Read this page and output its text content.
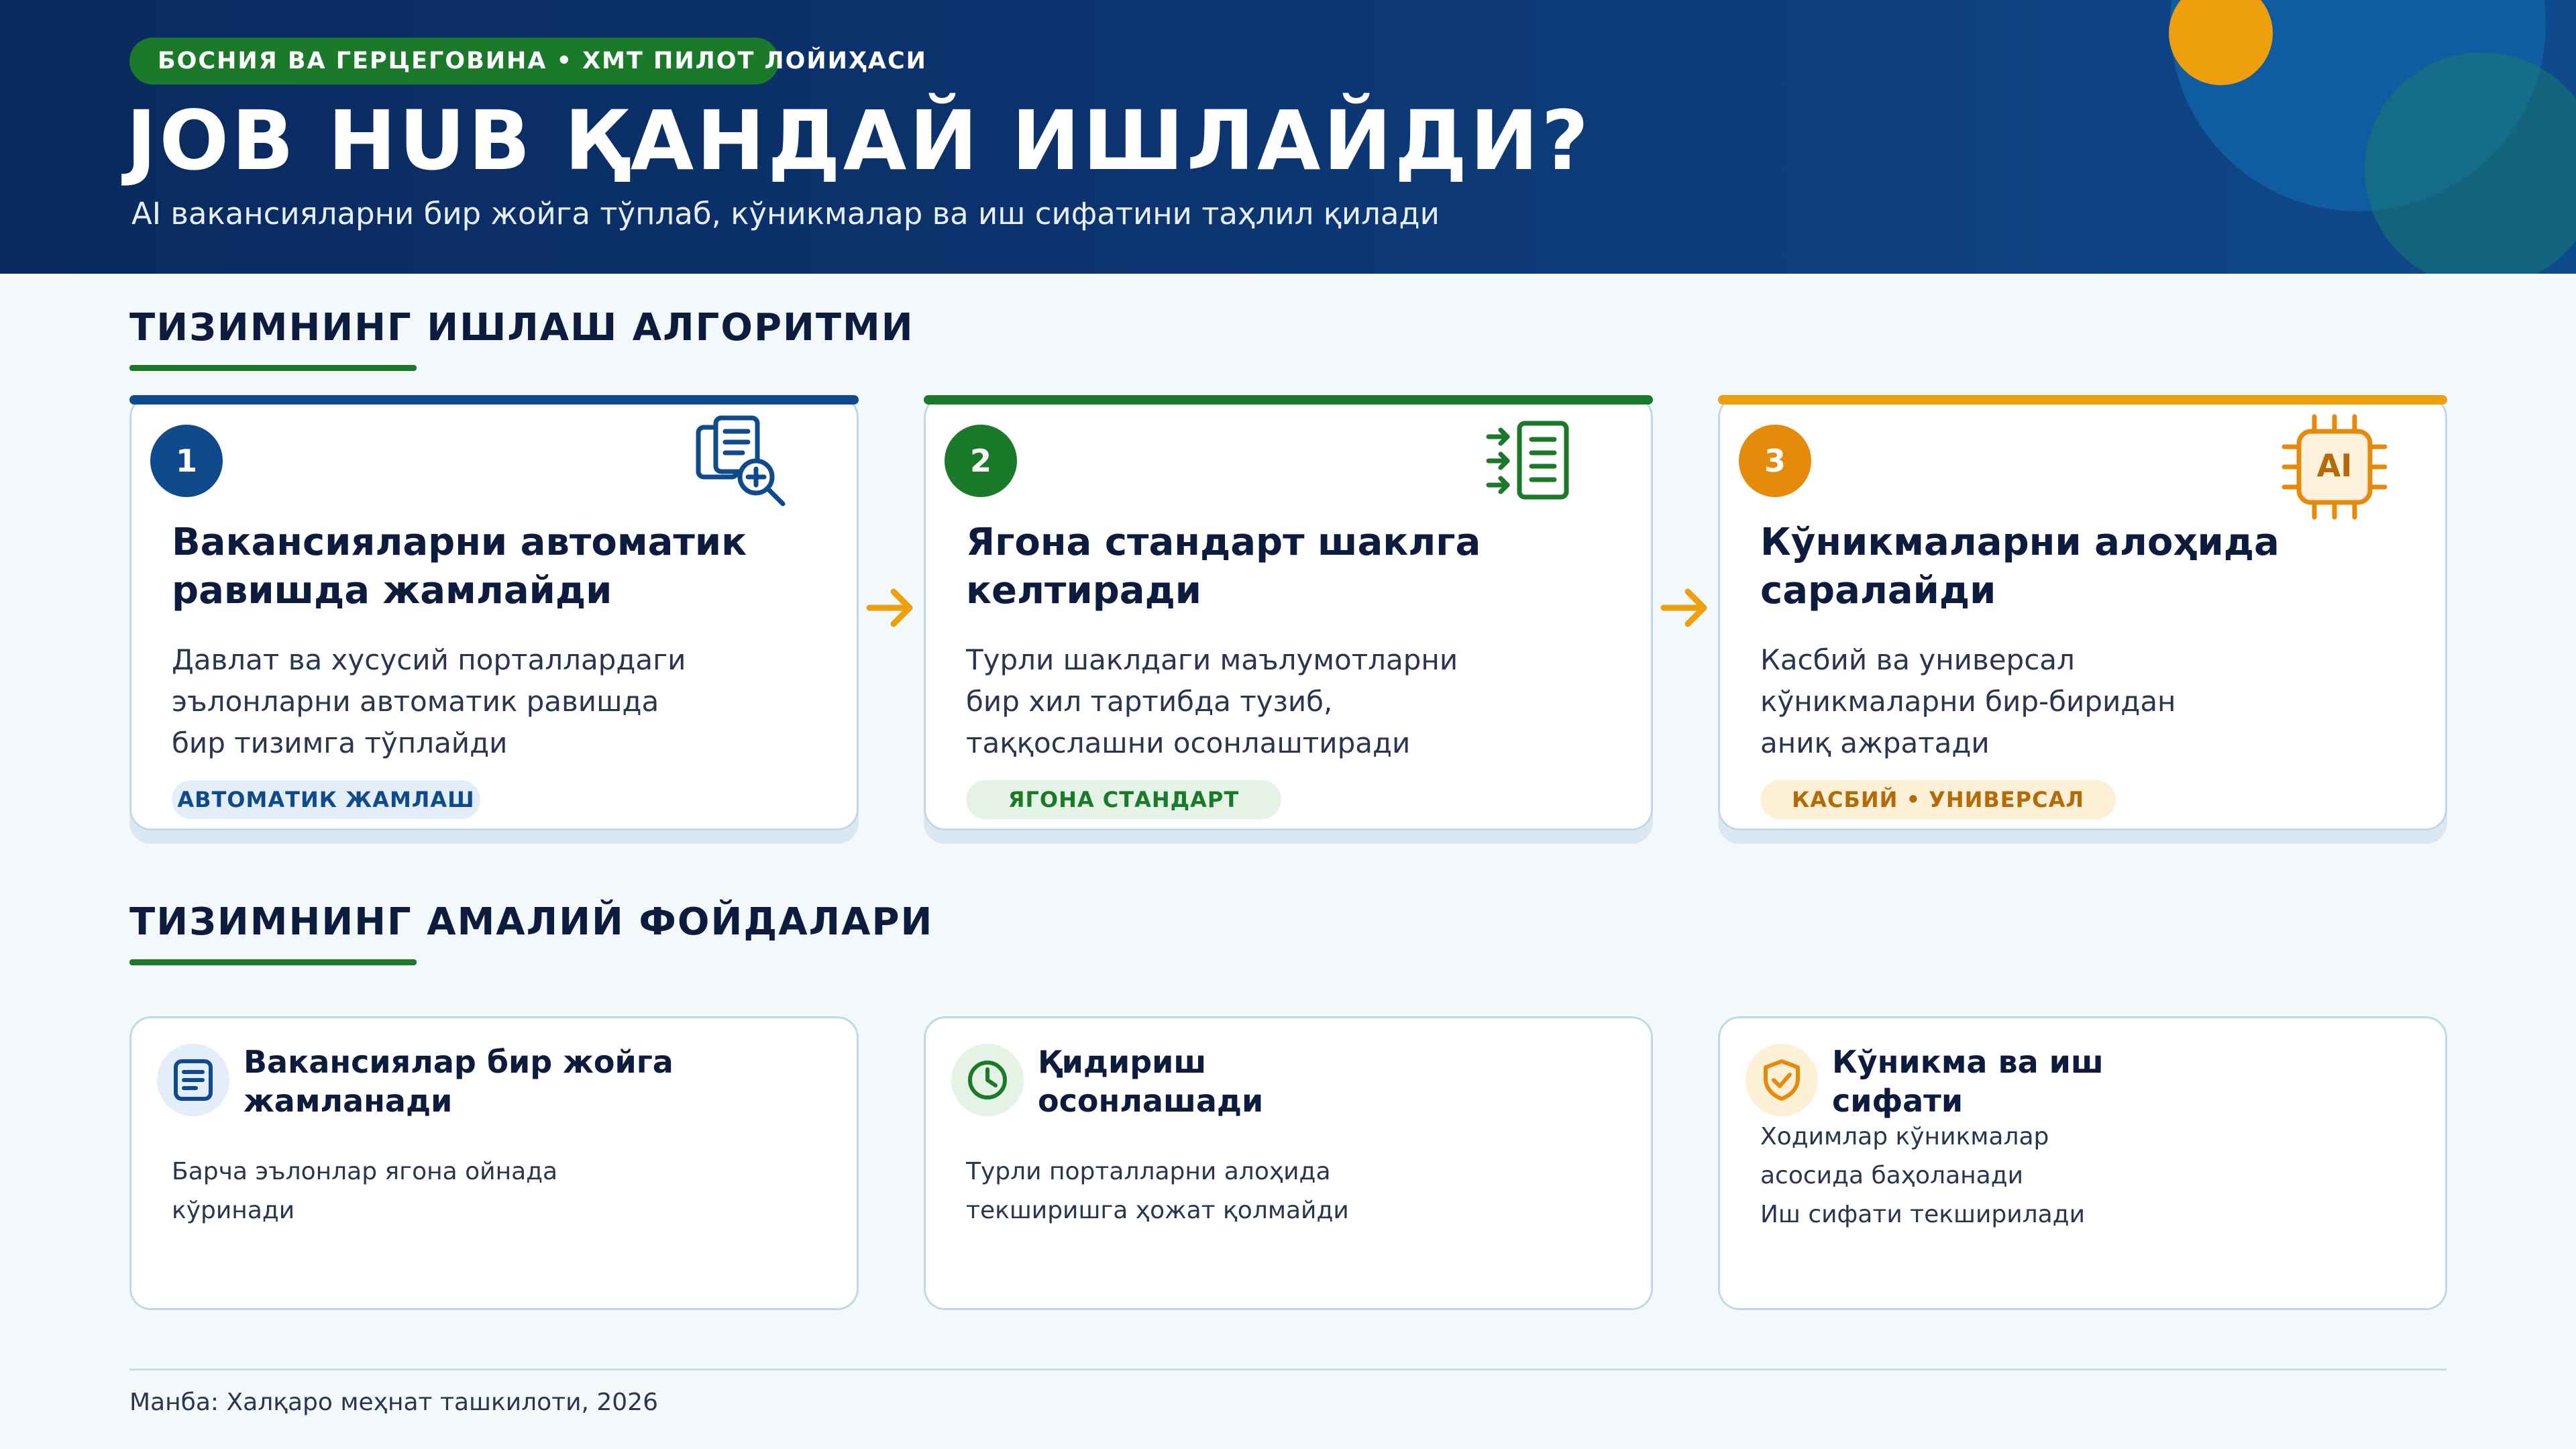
БОСНИЯ ВА ГЕРЦЕГОВИНА • ХМТ ПИЛОТ ЛОЙИҲАСИ
JOB HUB ҚАНДАЙ ИШЛАЙДИ?
AI вакансияларни бир жойга тўплаб, кўникмалар ва иш сифатини таҳлил қилади
ТИЗИМНИНГ ИШЛАШ АЛГОРИТМИ
1
Вакансияларни автоматик равишда жамлайди
Давлат ва хусусий порталлардаги
эълонларни автоматик равишда
бир тизимга тўплайди
АВТОМАТИК ЖАМЛАШ
2
Ягона стандарт шаклга келтиради
Турли шаклдаги маълумотларни
бир хил тартибда тузиб,
таққослашни осонлаштиради
ЯГОНА СТАНДАРТ
3	AI
Кўникмаларни алоҳида саралайди
Касбий ва универсал
кўникмаларни бир-биридан
аниқ ажратади
КАСБИЙ • УНИВЕРСАЛ
ТИЗИМНИНГ АМАЛИЙ ФОЙДАЛАРИ
Вакансиялар бир жойга
жамланади
Барча эълонлар ягона ойнада
кўринади
Қидириш
осонлашади
Турли порталларни алоҳида
текширишга ҳожат қолмайди
Кўникма ва иш
сифати
Ходимлар кўникмалар
асосида баҳоланади
Иш сифати текширилади
Манба: Халқаро меҳнат ташкилоти, 2026
